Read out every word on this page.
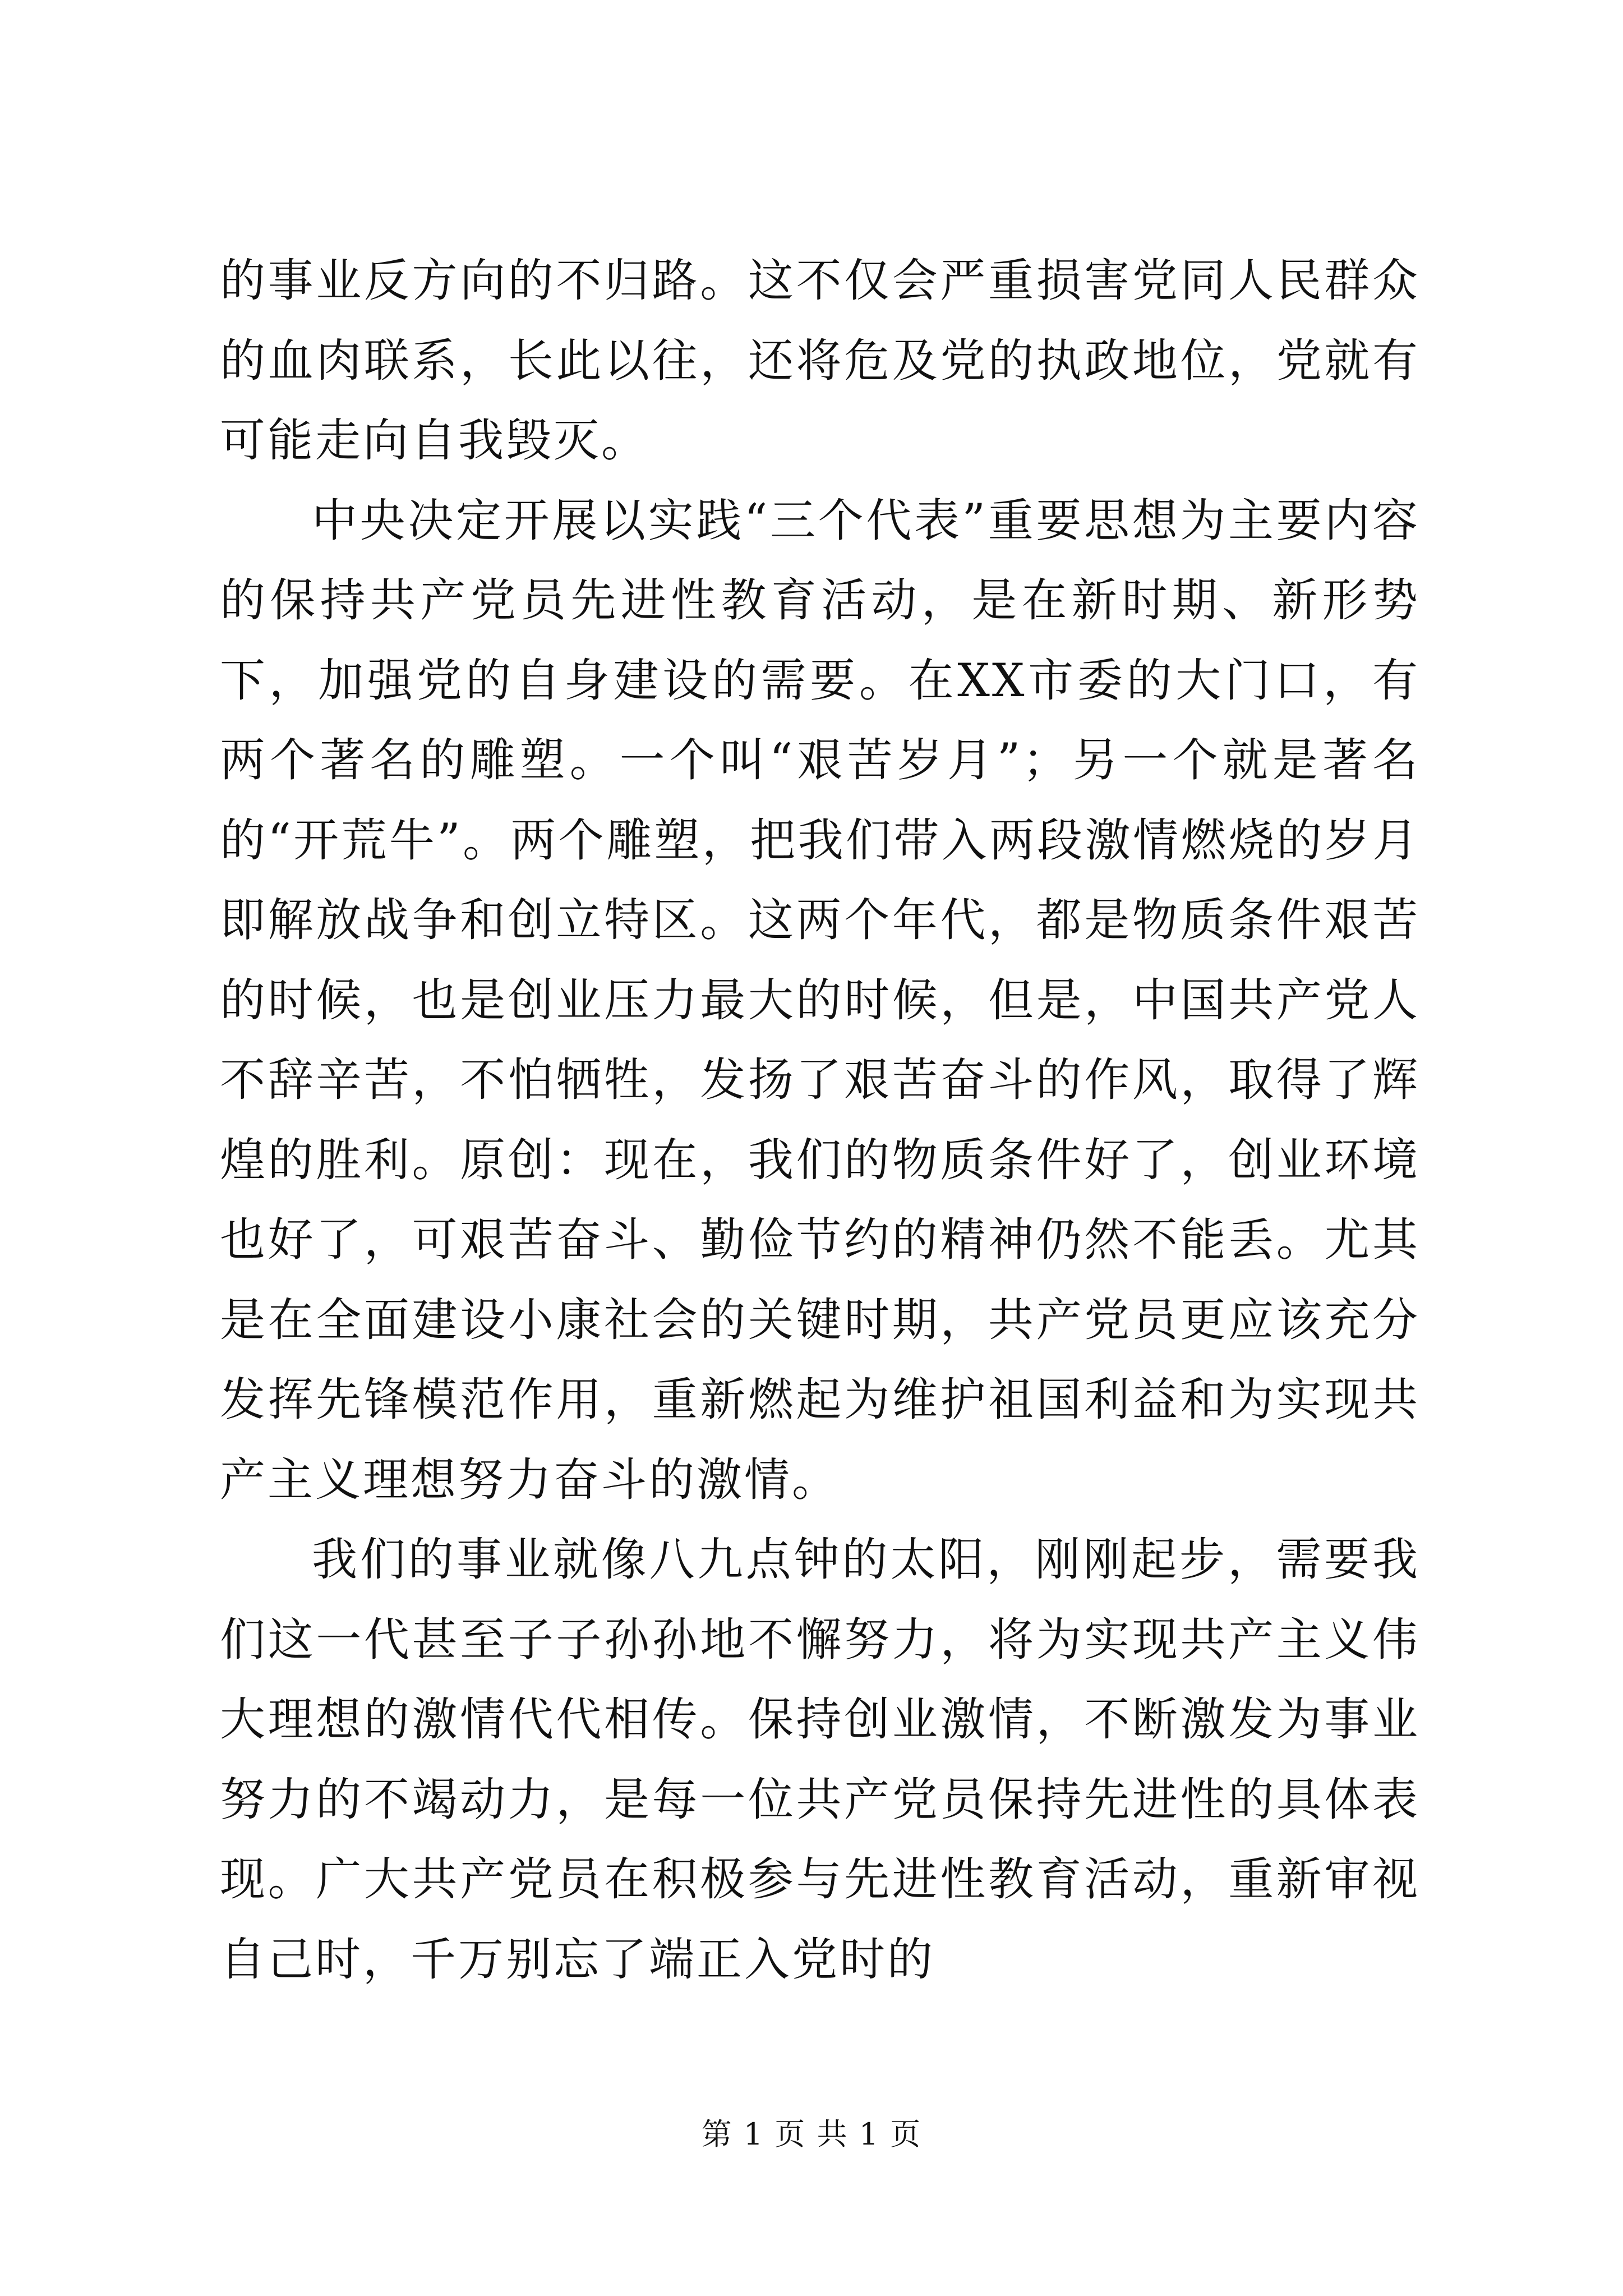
的事业反方向的不归路。这不仅会严重损害党同人民群众的血肉联系，长此以往，还将危及党的执政地位，党就有可能走向自我毁灭。

中央决定开展以实践“三个代表”重要思想为主要内容的保持共产党员先进性教育活动，是在新时期、新形势下，加强党的自身建设的需要。在XX市委的大门口，有两个著名的雕塑。一个叫“艰苦岁月”；另一个就是著名的“开荒牛”。两个雕塑，把我们带入两段激情燃烧的岁月即解放战争和创立特区。这两个年代，都是物质条件艰苦的时候，也是创业压力最大的时候，但是，中国共产党人不辞辛苦，不怕牺牲，发扬了艰苦奋斗的作风，取得了辉煌的胜利。原创：现在，我们的物质条件好了，创业环境也好了，可艰苦奋斗、勤俭节约的精神仍然不能丢。尤其是在全面建设小康社会的关键时期，共产党员更应该充分发挥先锋模范作用，重新燃起为维护祖国利益和为实现共产主义理想努力奋斗的激情。

我们的事业就像八九点钟的太阳，刚刚起步，需要我们这一代甚至子子孙孙地不懈努力，将为实现共产主义伟大理想的激情代代相传。保持创业激情，不断激发为事业努力的不竭动力，是每一位共产党员保持先进性的具体表现。广大共产党员在积极参与先进性教育活动，重新审视自己时，千万别忘了端正入党时的

第 1 页 共 1 页
